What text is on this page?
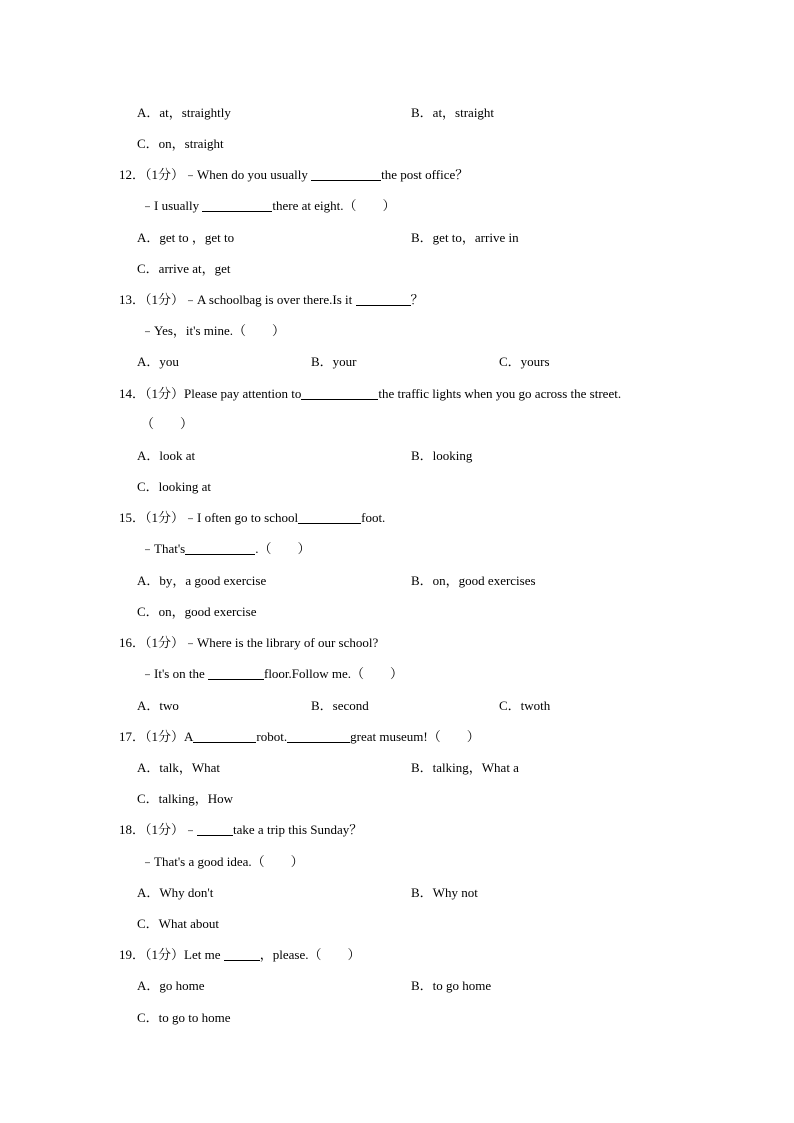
A．at，straightly	B．at，straight
C．on，straight
12．（1分）﹣When do you usually	the post office？
﹣I usually	there at eight.（　　）
A．get to ，get to	B．get to，arrive in
C．arrive at，get
13．（1分）﹣A schoolbag is over there.Is it	？
﹣Yes，it's mine.（　　）
A．you	B．your	C．yours
14．（1分）Please pay attention to	the traffic lights when you go across the street.
（　　）
A．look at	B．looking
C．looking at
15．（1分）﹣I often go to school	foot.
﹣That's	.（　　）
A．by，a good exercise	B．on，good exercises
C．on，good exercise
16．（1分）﹣Where is the library of our school?
﹣It's on the	floor.Follow me.（　　）
A．two	B．second	C．twoth
17．（1分）A	robot.	great museum!（　　）
A．talk，What	B．talking，What a
C．talking，How
18．（1分）﹣	take a trip this Sunday？
﹣That's a good idea.（　　）
A．Why don't	B．Why not
C．What about
19．（1分）Let me	，please.（　　）
A．go home	B．to go home
C．to go to home
